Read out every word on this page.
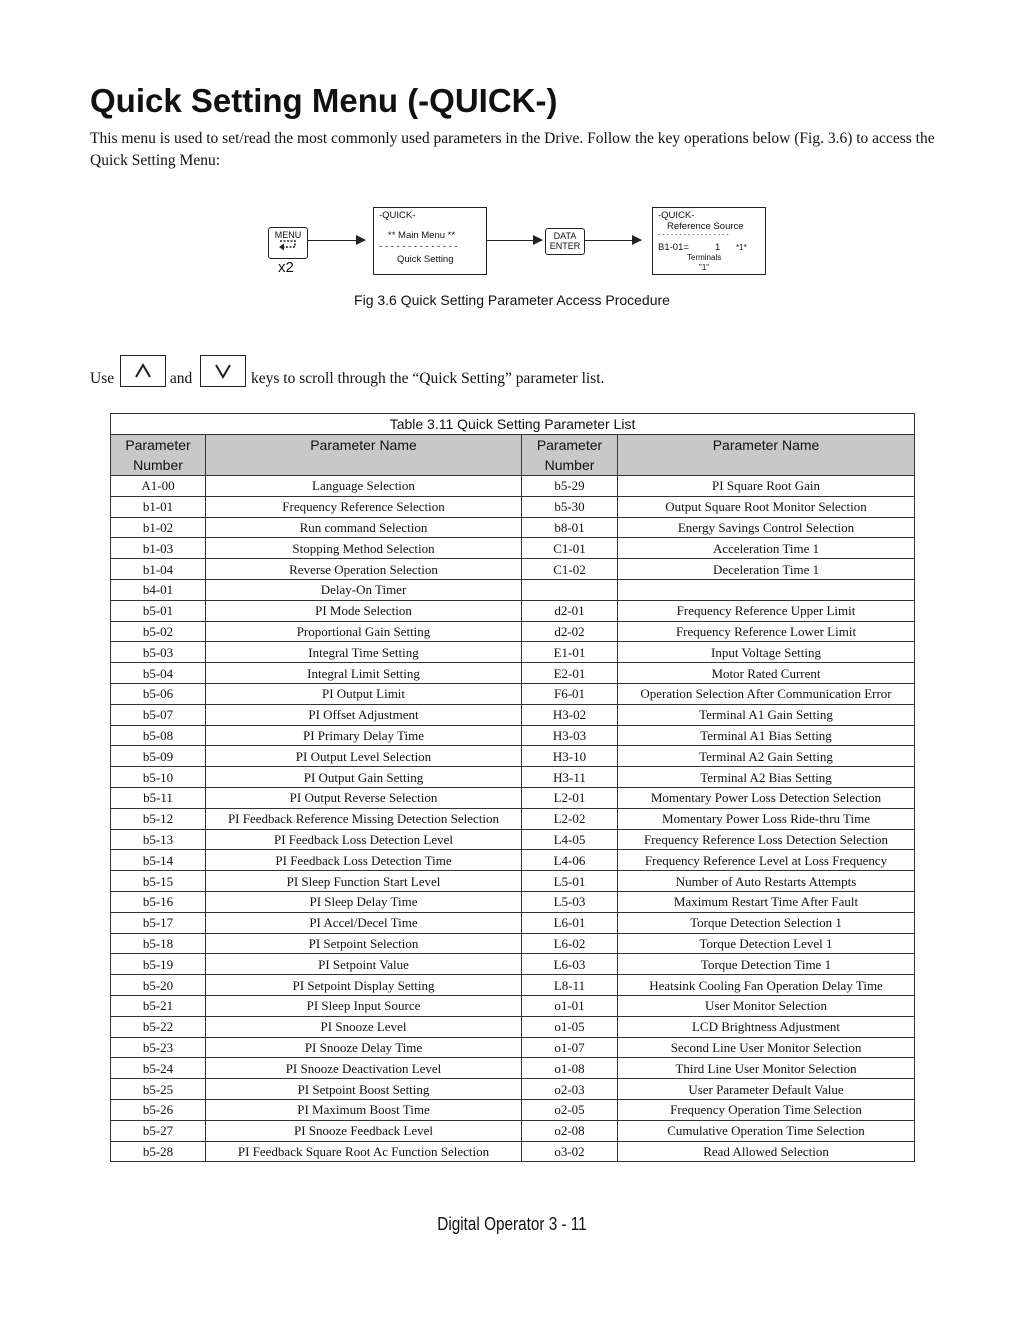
Quick Setting Menu (-QUICK-)

This menu is used to set/read the most commonly used parameters in the Drive. Follow the key operations below (Fig. 3.6) to access the Quick Setting Menu:

MENU
x2
-QUICK-
** Main Menu **
- - - - - - - - - - - - - -
Quick Setting
DATA
ENTER
-QUICK-
Reference Source
- - - - - - - - - - - - - - - - -
B1-01=	1 *1*
Terminals
"1"
Fig 3.6 Quick Setting Parameter Access Procedure
Use	and	keys to scroll through the “Quick Setting” parameter list.
Table 3.11 Quick Setting Parameter List			
Parameter Number	Parameter Name	Parameter Number	Parameter Name
A1-00	Language Selection	b5-29	PI Square Root Gain
b1-01	Frequency Reference Selection	b5-30	Output Square Root Monitor Selection
b1-02	Run command Selection	b8-01	Energy Savings Control Selection
b1-03	Stopping Method Selection	C1-01	Acceleration Time 1
b1-04	Reverse Operation Selection	C1-02	Deceleration Time 1
b4-01	Delay-On Timer		
b5-01	PI Mode Selection	d2-01	Frequency Reference Upper Limit
b5-02	Proportional Gain Setting	d2-02	Frequency Reference Lower Limit
b5-03	Integral Time Setting	E1-01	Input Voltage Setting
b5-04	Integral Limit Setting	E2-01	Motor Rated Current
b5-06	PI Output Limit	F6-01	Operation Selection After Communication Error
b5-07	PI Offset Adjustment	H3-02	Terminal A1 Gain Setting
b5-08	PI Primary Delay Time	H3-03	Terminal A1 Bias Setting
b5-09	PI Output Level Selection	H3-10	Terminal A2 Gain Setting
b5-10	PI Output Gain Setting	H3-11	Terminal A2 Bias Setting
b5-11	PI Output Reverse Selection	L2-01	Momentary Power Loss Detection Selection
b5-12	PI Feedback Reference Missing Detection Selection	L2-02	Momentary Power Loss Ride-thru Time
b5-13	PI Feedback Loss Detection Level	L4-05	Frequency Reference Loss Detection Selection
b5-14	PI Feedback Loss Detection Time	L4-06	Frequency Reference Level at Loss Frequency
b5-15	PI Sleep Function Start Level	L5-01	Number of Auto Restarts Attempts
b5-16	PI Sleep Delay Time	L5-03	Maximum Restart Time After Fault
b5-17	PI Accel/Decel Time	L6-01	Torque Detection Selection 1
b5-18	PI Setpoint Selection	L6-02	Torque Detection Level 1
b5-19	PI Setpoint Value	L6-03	Torque Detection Time 1
b5-20	PI Setpoint Display Setting	L8-11	Heatsink Cooling Fan Operation Delay Time
b5-21	PI Sleep Input Source	o1-01	User Monitor Selection
b5-22	PI Snooze Level	o1-05	LCD Brightness Adjustment
b5-23	PI Snooze Delay Time	o1-07	Second Line User Monitor Selection
b5-24	PI Snooze Deactivation Level	o1-08	Third Line User Monitor Selection
b5-25	PI Setpoint Boost Setting	o2-03	User Parameter Default Value
b5-26	PI Maximum Boost Time	o2-05	Frequency Operation Time Selection
b5-27	PI Snooze Feedback Level	o2-08	Cumulative Operation Time Selection
b5-28	PI Feedback Square Root Ac Function Selection	o3-02	Read Allowed Selection
Digital Operator 3 - 11
